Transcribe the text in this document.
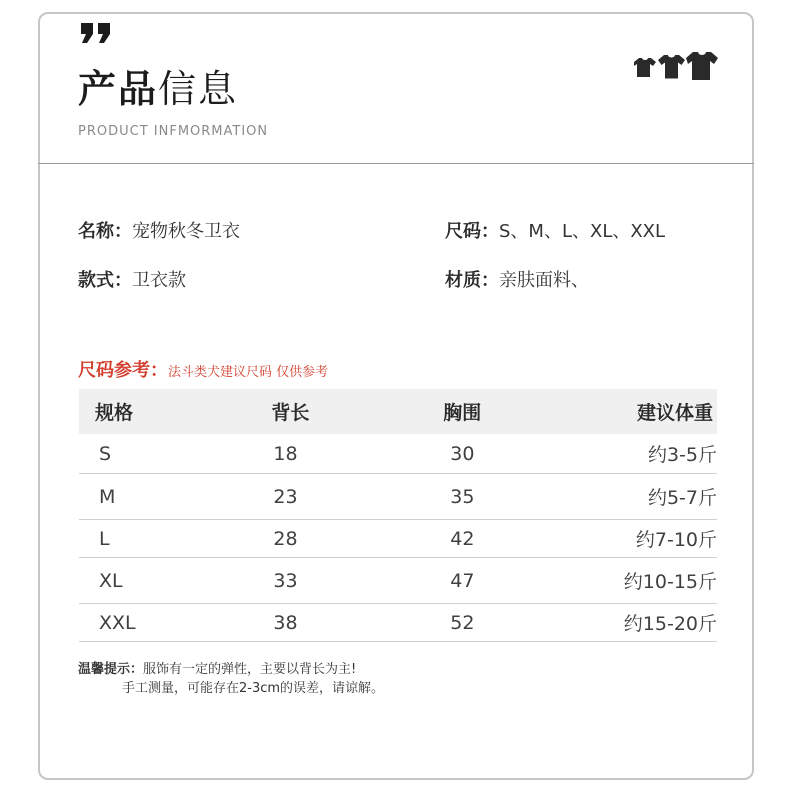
产品信息
PRODUCT INFMORMATION
名称：宠物秋冬卫衣	尺码：S、M、L、XL、XXL
款式：卫衣款	材质：亲肤面料、
尺码参考：法斗类犬建议尺码 仅供参考
规格	背长	胸围	建议体重
S	18	30	约3-5斤
M	23	35	约5-7斤
L	28	42	约7-10斤
XL	33	47	约10-15斤
XXL	38	52	约15-20斤
温馨提示：服饰有一定的弹性，主要以背长为主!
手工测量，可能存在2-3cm的误差，请谅解。
